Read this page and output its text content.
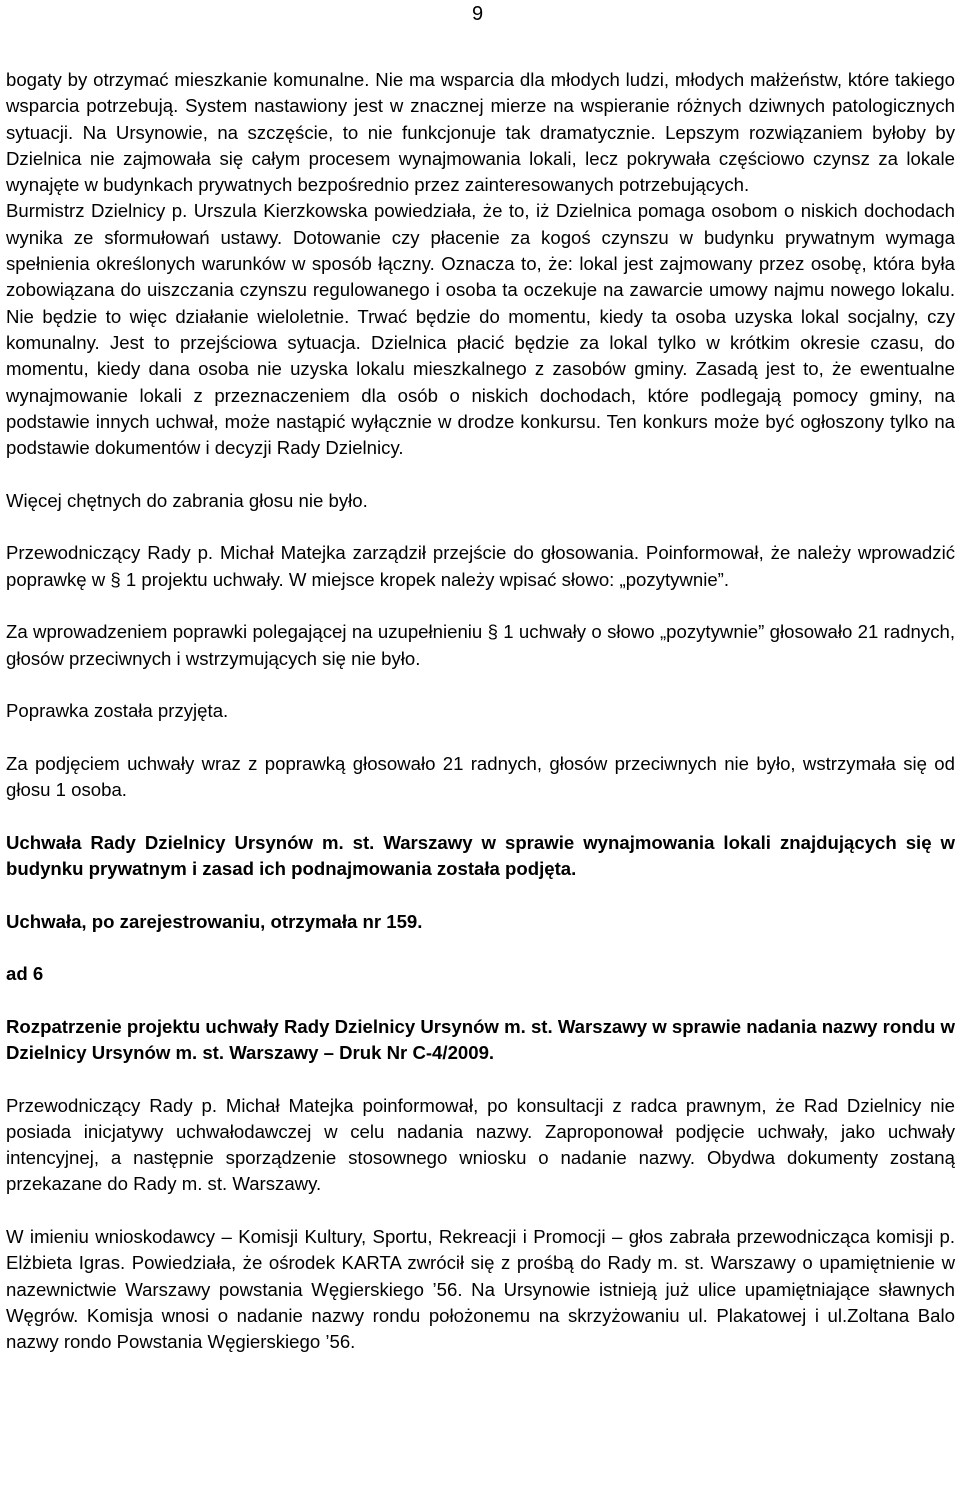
9

bogaty by otrzymać mieszkanie komunalne. Nie ma wsparcia dla młodych ludzi, młodych małżeństw, które takiego wsparcia potrzebują. System nastawiony jest w znacznej mierze na wspieranie różnych dziwnych patologicznych sytuacji. Na Ursynowie, na szczęście, to nie funkcjonuje tak dramatycznie. Lepszym rozwiązaniem byłoby by Dzielnica nie zajmowała się całym procesem wynajmowania lokali, lecz pokrywała częściowo czynsz za lokale wynajęte w budynkach prywatnych bezpośrednio przez zainteresowanych potrzebujących.

Burmistrz Dzielnicy p. Urszula Kierzkowska powiedziała, że to, iż Dzielnica pomaga osobom o niskich dochodach wynika ze sformułowań ustawy. Dotowanie czy płacenie za kogoś czynszu w budynku prywatnym wymaga spełnienia określonych warunków w sposób łączny. Oznacza to, że: lokal jest zajmowany przez osobę, która była zobowiązana do uiszczania czynszu regulowanego i osoba ta oczekuje na zawarcie umowy najmu nowego lokalu. Nie będzie to więc działanie wieloletnie. Trwać będzie do momentu, kiedy ta osoba uzyska lokal socjalny, czy komunalny. Jest to przejściowa sytuacja. Dzielnica płacić będzie za lokal tylko w krótkim okresie czasu, do momentu, kiedy dana osoba nie uzyska lokalu mieszkalnego z zasobów gminy. Zasadą jest to, że ewentualne wynajmowanie lokali z przeznaczeniem dla osób o niskich dochodach, które podlegają pomocy gminy, na podstawie innych uchwał, może nastąpić wyłącznie w drodze konkursu. Ten konkurs może być ogłoszony tylko na podstawie dokumentów i decyzji Rady Dzielnicy.

Więcej chętnych do zabrania głosu nie było.

Przewodniczący Rady p. Michał Matejka zarządził przejście do głosowania. Poinformował, że należy wprowadzić poprawkę w § 1 projektu uchwały. W miejsce kropek należy wpisać słowo: „pozytywnie”.

Za wprowadzeniem poprawki polegającej na uzupełnieniu § 1 uchwały o słowo „pozytywnie” głosowało 21 radnych, głosów przeciwnych i wstrzymujących się nie było.

Poprawka została przyjęta.

Za podjęciem uchwały wraz z poprawką głosowało 21 radnych, głosów przeciwnych nie było, wstrzymała się od głosu 1 osoba.

Uchwała Rady Dzielnicy Ursynów m. st. Warszawy w sprawie wynajmowania lokali znajdujących się w budynku prywatnym i zasad ich podnajmowania została podjęta.

Uchwała, po zarejestrowaniu, otrzymała nr 159.

ad 6

Rozpatrzenie projektu uchwały Rady Dzielnicy Ursynów m. st. Warszawy w sprawie nadania nazwy rondu w Dzielnicy Ursynów m. st. Warszawy – Druk Nr C-4/2009.

Przewodniczący Rady p. Michał Matejka poinformował, po konsultacji z radca prawnym, że Rad Dzielnicy nie posiada inicjatywy uchwałodawczej w celu nadania nazwy. Zaproponował podjęcie uchwały, jako uchwały intencyjnej, a następnie sporządzenie stosownego wniosku o nadanie nazwy. Obydwa dokumenty zostaną przekazane do Rady m. st. Warszawy.

W imieniu wnioskodawcy – Komisji Kultury, Sportu, Rekreacji i Promocji – głos zabrała przewodnicząca komisji p. Elżbieta Igras. Powiedziała, że ośrodek KARTA zwrócił się z prośbą do Rady m. st. Warszawy o upamiętnienie w nazewnictwie Warszawy powstania Węgierskiego ’56. Na Ursynowie istnieją już ulice upamiętniające sławnych Węgrów. Komisja wnosi o nadanie nazwy rondu położonemu na skrzyżowaniu ul. Plakatowej i ul.Zoltana Balo nazwy rondo Powstania Węgierskiego ’56.
